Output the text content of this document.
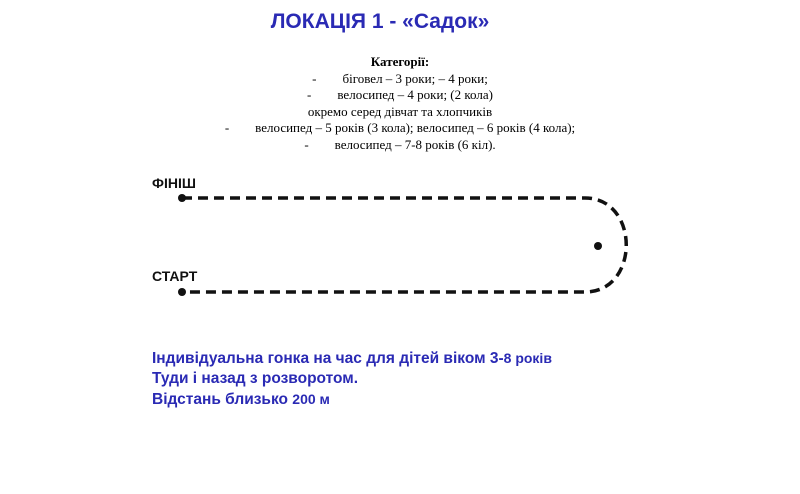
ЛОКАЦІЯ 1 - «Садок»
Категорії:
- біговел – 3 роки; – 4 роки;
- велосипед – 4 роки; (2 кола)
окремо серед дівчат та хлопчиків
- велосипед – 5 років (3 кола); велосипед – 6 років (4 кола);
- велосипед – 7-8 років (6 кіл).
ФІНІШ
СТАРТ
Індивідуальна гонка на час для дітей віком 3-8 років
Туди і назад з розворотом.
Відстань близько 200 м
